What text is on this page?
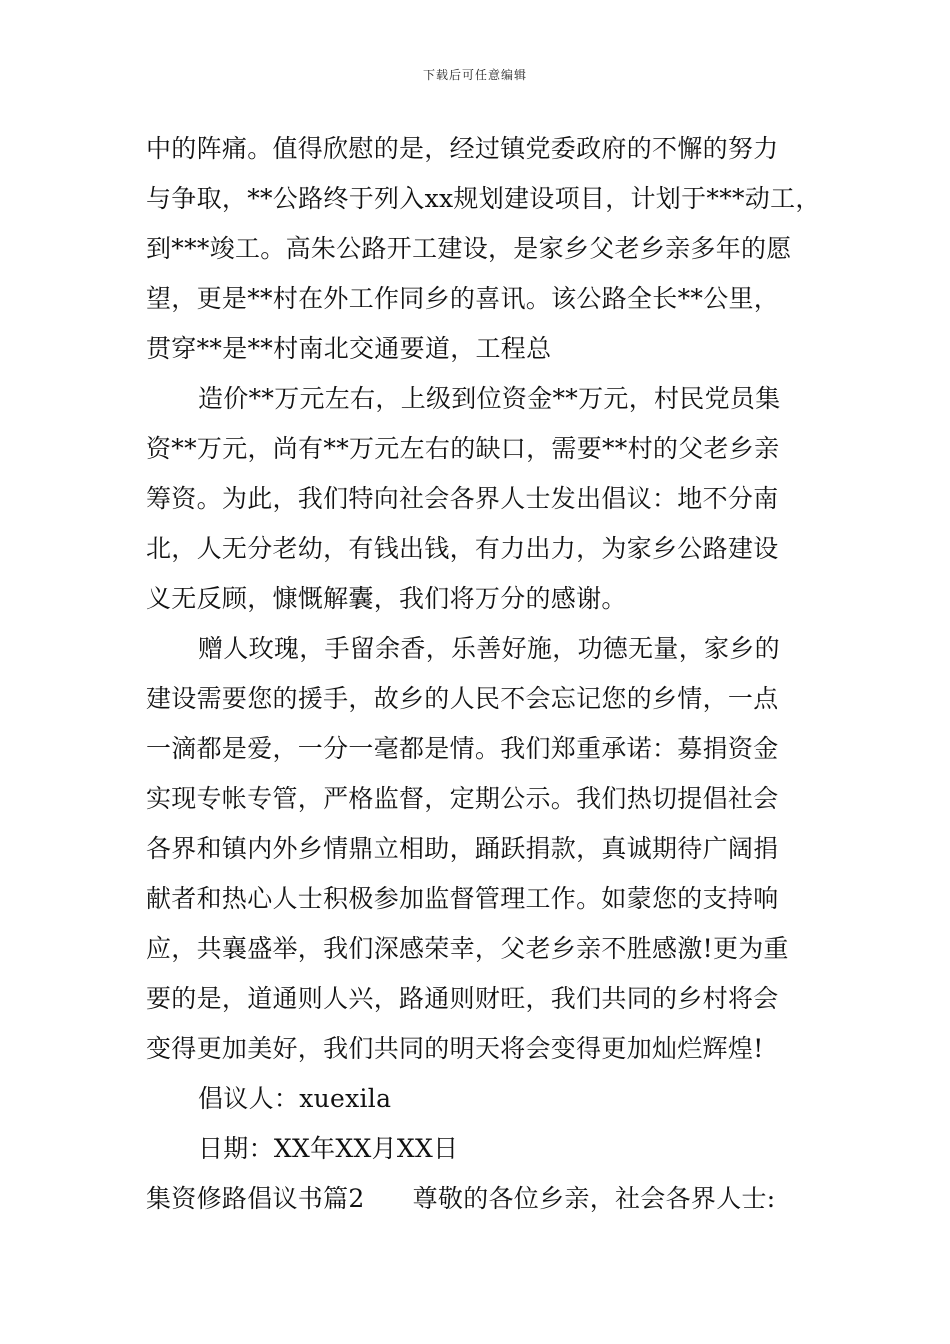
下载后可任意编辑
中的阵痛。值得欣慰的是，经过镇党委政府的不懈的努力
与争取，**公路终于列入xx规划建设项目，计划于***动工，
到***竣工。高朱公路开工建设，是家乡父老乡亲多年的愿
望，更是**村在外工作同乡的喜讯。该公路全长**公里，
贯穿**是**村南北交通要道，工程总
造价**万元左右，上级到位资金**万元，村民党员集
资**万元，尚有**万元左右的缺口，需要**村的父老乡亲
筹资。为此，我们特向社会各界人士发出倡议：地不分南
北，人无分老幼，有钱出钱，有力出力，为家乡公路建设
义无反顾，慷慨解囊，我们将万分的感谢。
赠人玫瑰，手留余香，乐善好施，功德无量，家乡的
建设需要您的援手，故乡的人民不会忘记您的乡情，一点
一滴都是爱，一分一毫都是情。我们郑重承诺：募捐资金
实现专帐专管，严格监督，定期公示。我们热切提倡社会
各界和镇内外乡情鼎立相助，踊跃捐款，真诚期待广阔捐
献者和热心人士积极参加监督管理工作。如蒙您的支持响
应，共襄盛举，我们深感荣幸，父老乡亲不胜感激!更为重
要的是，道通则人兴，路通则财旺，我们共同的乡村将会
变得更加美好，我们共同的明天将会变得更加灿烂辉煌!
倡议人：xuexila
日期：XX年XX月XX日
集资修路倡议书篇2 尊敬的各位乡亲，社会各界人士:
